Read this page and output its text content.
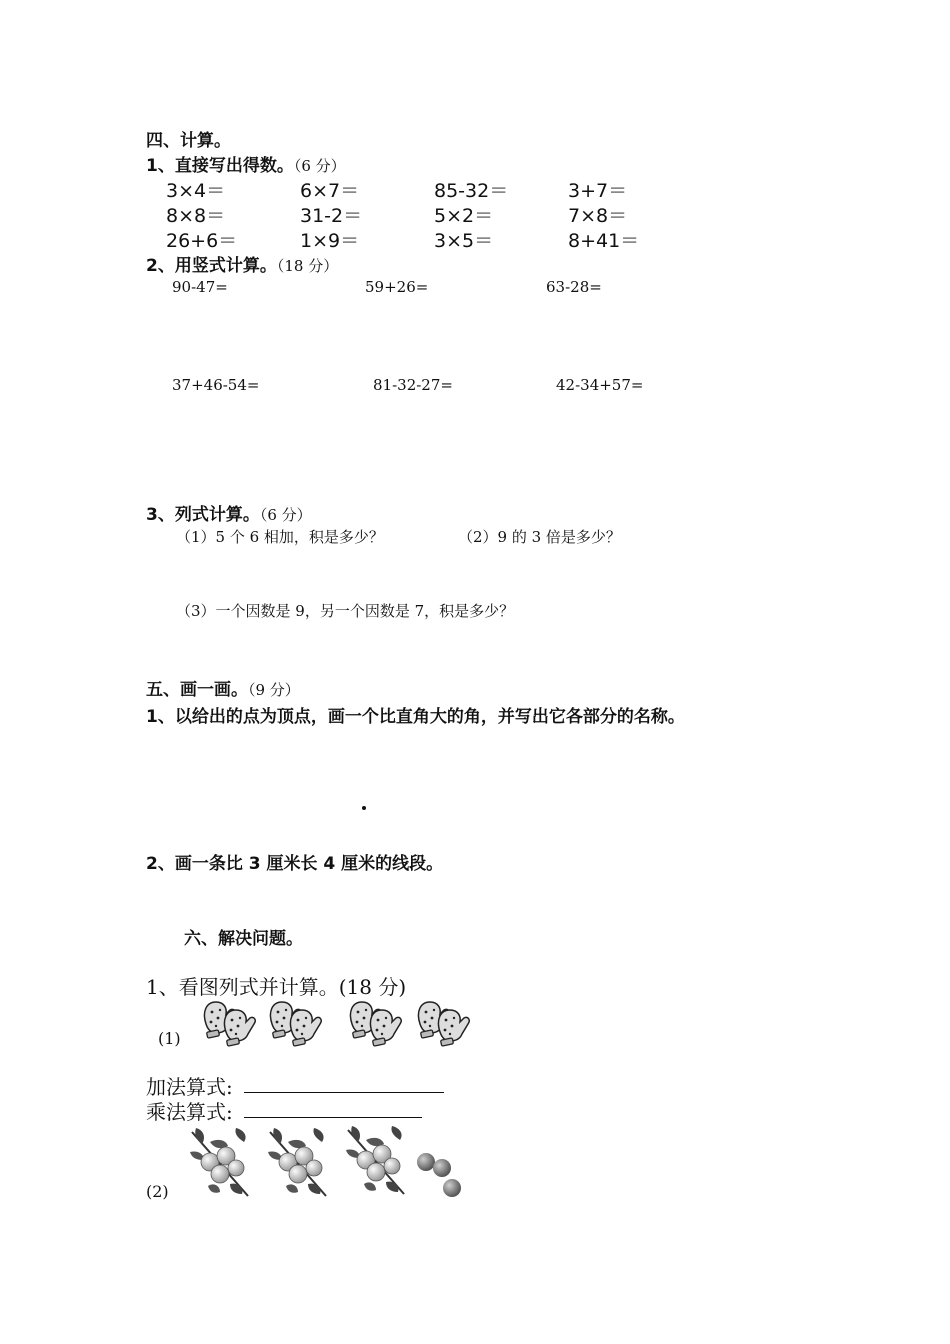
四、计算。
1、直接写出得数。（6 分）
3×4＝	6×7＝	85-32＝	3+7＝
8×8＝	31-2＝	5×2＝	7×8＝
26+6＝	1×9＝	3×5＝	8+41＝
2、用竖式计算。（18 分）
90-47=	59+26=	63-28=
37+46-54=	81-32-27=	42-34+57=
3、列式计算。（6 分）
（1）5 个 6 相加，积是多少？	（2）9 的 3 倍是多少？
（3）一个因数是 9，另一个因数是 7，积是多少？
五、画一画。（9 分）
1、以给出的点为顶点，画一个比直角大的角，并写出它各部分的名称。
2、画一条比 3 厘米长 4 厘米的线段。
六、解决问题。
1、看图列式并计算。(18 分)
(1)
加法算式:
乘法算式:
(2)
